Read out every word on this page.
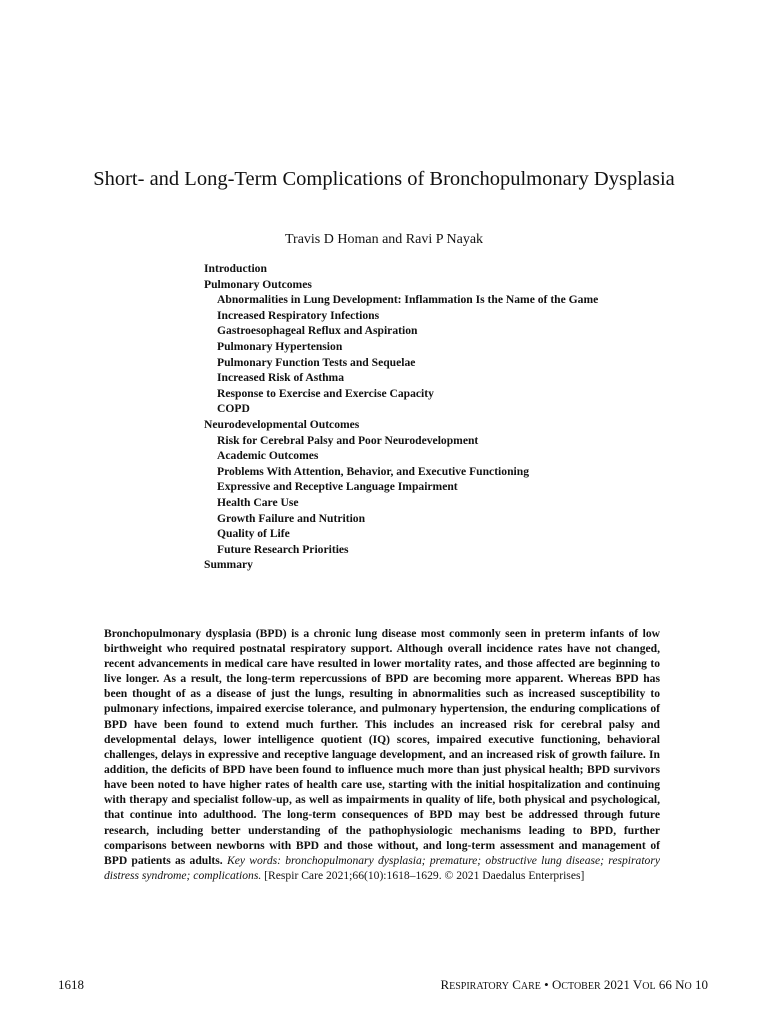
Short- and Long-Term Complications of Bronchopulmonary Dysplasia
Travis D Homan and Ravi P Nayak
Introduction
Pulmonary Outcomes
Abnormalities in Lung Development: Inflammation Is the Name of the Game
Increased Respiratory Infections
Gastroesophageal Reflux and Aspiration
Pulmonary Hypertension
Pulmonary Function Tests and Sequelae
Increased Risk of Asthma
Response to Exercise and Exercise Capacity
COPD
Neurodevelopmental Outcomes
Risk for Cerebral Palsy and Poor Neurodevelopment
Academic Outcomes
Problems With Attention, Behavior, and Executive Functioning
Expressive and Receptive Language Impairment
Health Care Use
Growth Failure and Nutrition
Quality of Life
Future Research Priorities
Summary

Bronchopulmonary dysplasia (BPD) is a chronic lung disease most commonly seen in preterm infants of low birthweight who required postnatal respiratory support. Although overall incidence rates have not changed, recent advancements in medical care have resulted in lower mortality rates, and those affected are beginning to live longer. As a result, the long-term repercussions of BPD are becoming more apparent. Whereas BPD has been thought of as a disease of just the lungs, resulting in abnormalities such as increased susceptibility to pulmonary infections, impaired exercise tolerance, and pulmonary hypertension, the enduring complications of BPD have been found to extend much further. This includes an increased risk for cerebral palsy and developmental delays, lower intelligence quotient (IQ) scores, impaired executive functioning, behavioral challenges, delays in expressive and receptive language development, and an increased risk of growth failure. In addition, the deficits of BPD have been found to influence much more than just physical health; BPD survivors have been noted to have higher rates of health care use, starting with the initial hospitalization and continuing with therapy and specialist follow-up, as well as impairments in quality of life, both physical and psychological, that continue into adulthood. The long-term consequences of BPD may best be addressed through future research, including better understanding of the pathophysiologic mechanisms leading to BPD, further comparisons between newborns with BPD and those without, and long-term assessment and management of BPD patients as adults. Key words: bronchopulmonary dysplasia; premature; obstructive lung disease; respiratory distress syndrome; complications. [Respir Care 2021;66(10):1618–1629. © 2021 Daedalus Enterprises]

1618	RESPIRATORY CARE • OCTOBER 2021 VOL 66 NO 10
